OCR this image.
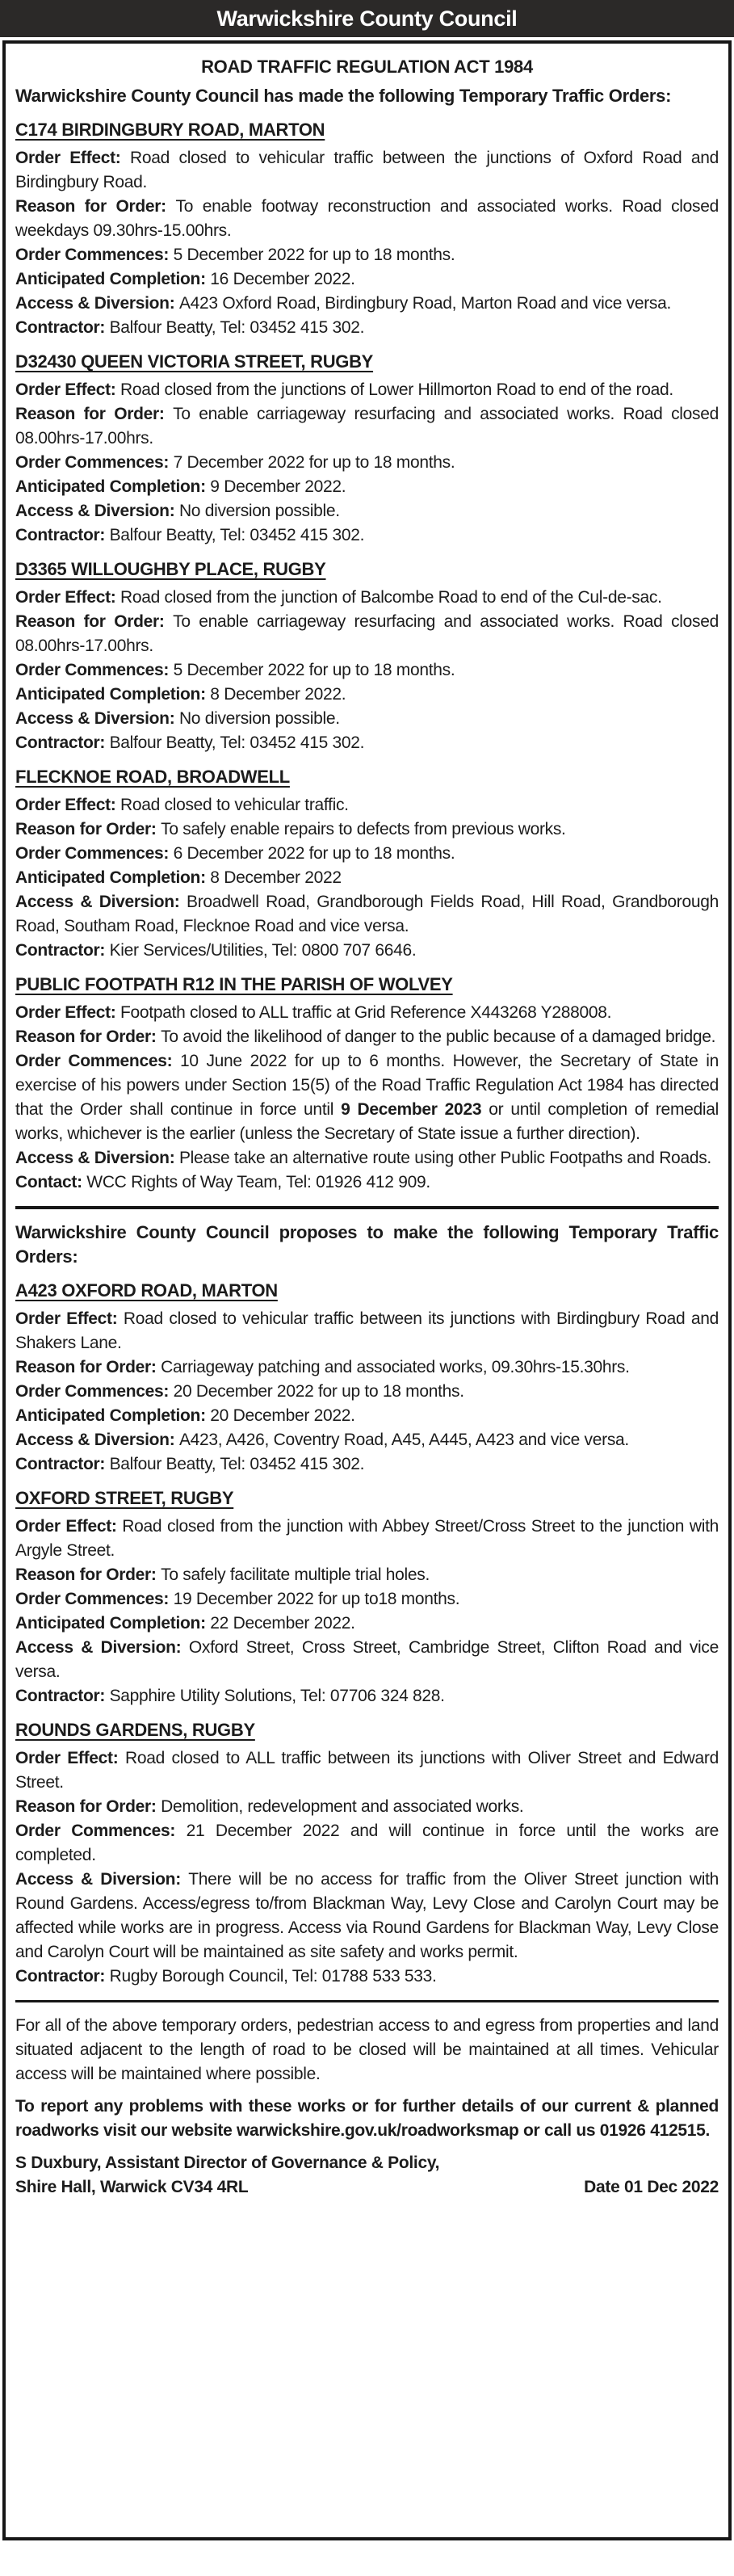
Warwickshire County Council
ROAD TRAFFIC REGULATION ACT 1984

Warwickshire County Council has made the following Temporary Traffic Orders:

C174 BIRDINGBURY ROAD, MARTON

Order Effect: Road closed to vehicular traffic between the junctions of Oxford Road and Birdingbury Road.

Reason for Order: To enable footway reconstruction and associated works. Road closed weekdays 09.30hrs-15.00hrs.

Order Commences: 5 December 2022 for up to 18 months.

Anticipated Completion: 16 December 2022.

Access & Diversion: A423 Oxford Road, Birdingbury Road, Marton Road and vice versa.

Contractor: Balfour Beatty, Tel: 03452 415 302.

D32430 QUEEN VICTORIA STREET, RUGBY

Order Effect: Road closed from the junctions of Lower Hillmorton Road to end of the road.

Reason for Order: To enable carriageway resurfacing and associated works. Road closed 08.00hrs-17.00hrs.

Order Commences: 7 December 2022 for up to 18 months.

Anticipated Completion: 9 December 2022.

Access & Diversion: No diversion possible.

Contractor: Balfour Beatty, Tel: 03452 415 302.

D3365 WILLOUGHBY PLACE, RUGBY

Order Effect: Road closed from the junction of Balcombe Road to end of the Cul-de-sac.

Reason for Order: To enable carriageway resurfacing and associated works. Road closed 08.00hrs-17.00hrs.

Order Commences: 5 December 2022 for up to 18 months.

Anticipated Completion: 8 December 2022.

Access & Diversion: No diversion possible.

Contractor: Balfour Beatty, Tel: 03452 415 302.

FLECKNOE ROAD, BROADWELL

Order Effect: Road closed to vehicular traffic.

Reason for Order: To safely enable repairs to defects from previous works.

Order Commences: 6 December 2022 for up to 18 months.

Anticipated Completion: 8 December 2022

Access & Diversion: Broadwell Road, Grandborough Fields Road, Hill Road, Grandborough Road, Southam Road, Flecknoe Road and vice versa.

Contractor: Kier Services/Utilities, Tel: 0800 707 6646.

PUBLIC FOOTPATH R12 IN THE PARISH OF WOLVEY

Order Effect: Footpath closed to ALL traffic at Grid Reference X443268 Y288008.

Reason for Order: To avoid the likelihood of danger to the public because of a damaged bridge.

Order Commences: 10 June 2022 for up to 6 months. However, the Secretary of State in exercise of his powers under Section 15(5) of the Road Traffic Regulation Act 1984 has directed that the Order shall continue in force until 9 December 2023 or until completion of remedial works, whichever is the earlier (unless the Secretary of State issue a further direction).

Access & Diversion: Please take an alternative route using other Public Footpaths and Roads.

Contact: WCC Rights of Way Team, Tel: 01926 412 909.

Warwickshire County Council proposes to make the following Temporary Traffic Orders:

A423 OXFORD ROAD, MARTON

Order Effect: Road closed to vehicular traffic between its junctions with Birdingbury Road and Shakers Lane.

Reason for Order: Carriageway patching and associated works, 09.30hrs-15.30hrs.

Order Commences: 20 December 2022 for up to 18 months.

Anticipated Completion: 20 December 2022.

Access & Diversion: A423, A426, Coventry Road, A45, A445, A423 and vice versa.

Contractor: Balfour Beatty, Tel: 03452 415 302.

OXFORD STREET, RUGBY

Order Effect: Road closed from the junction with Abbey Street/Cross Street to the junction with Argyle Street.

Reason for Order: To safely facilitate multiple trial holes.

Order Commences: 19 December 2022 for up to18 months.

Anticipated Completion: 22 December 2022.

Access & Diversion: Oxford Street, Cross Street, Cambridge Street, Clifton Road and vice versa.

Contractor: Sapphire Utility Solutions, Tel: 07706 324 828.

ROUNDS GARDENS, RUGBY

Order Effect: Road closed to ALL traffic between its junctions with Oliver Street and Edward Street.

Reason for Order: Demolition, redevelopment and associated works.

Order Commences: 21 December 2022 and will continue in force until the works are completed.

Access & Diversion: There will be no access for traffic from the Oliver Street junction with Round Gardens. Access/egress to/from Blackman Way, Levy Close and Carolyn Court may be affected while works are in progress. Access via Round Gardens for Blackman Way, Levy Close and Carolyn Court will be maintained as site safety and works permit.

Contractor: Rugby Borough Council, Tel: 01788 533 533.

For all of the above temporary orders, pedestrian access to and egress from properties and land situated adjacent to the length of road to be closed will be maintained at all times. Vehicular access will be maintained where possible.

To report any problems with these works or for further details of our current & planned roadworks visit our website warwickshire.gov.uk/roadworksmap or call us 01926 412515.

S Duxbury, Assistant Director of Governance & Policy,

Shire Hall, Warwick CV34 4RL	Date 01 Dec 2022
